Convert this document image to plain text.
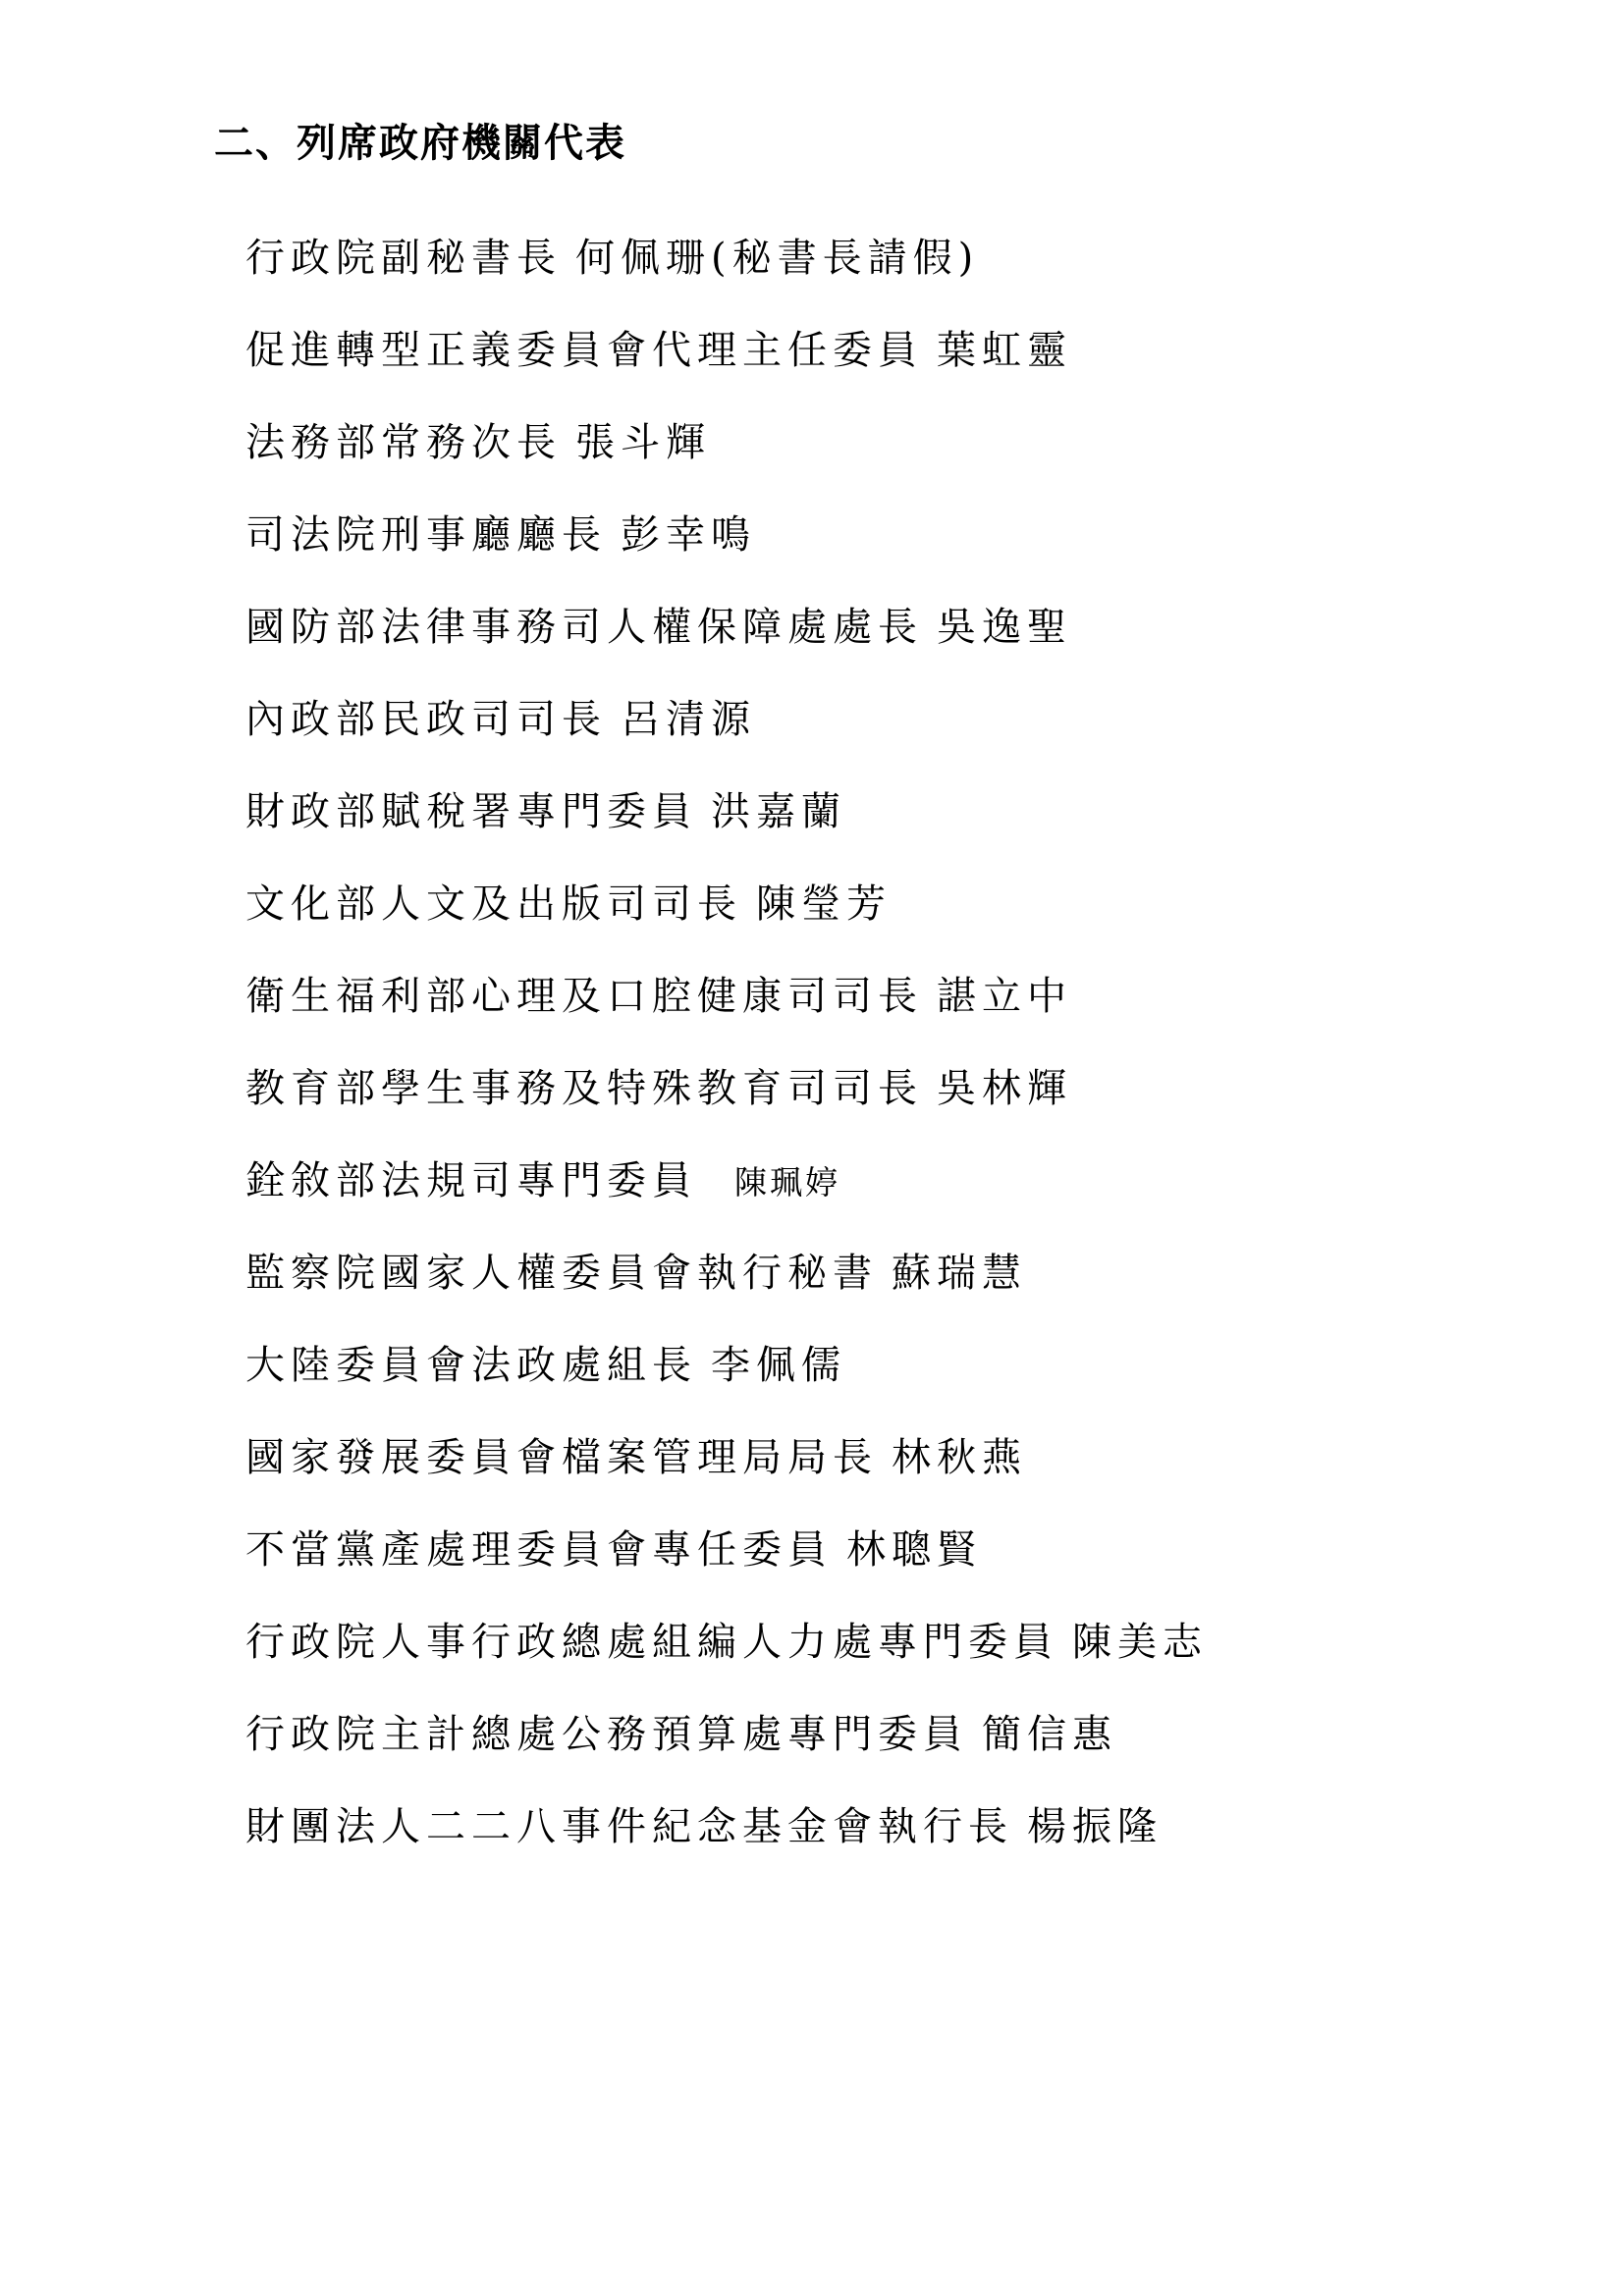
二、列席政府機關代表
行政院副秘書長 何佩珊(秘書長請假)
促進轉型正義委員會代理主任委員 葉虹靈
法務部常務次長 張斗輝
司法院刑事廳廳長 彭幸鳴
國防部法律事務司人權保障處處長 吳逸聖
內政部民政司司長 呂清源
財政部賦稅署專門委員 洪嘉蘭
文化部人文及出版司司長 陳瑩芳
衛生福利部心理及口腔健康司司長 諶立中
教育部學生事務及特殊教育司司長 吳林輝
銓敘部法規司專門委員 陳珮婷
監察院國家人權委員會執行秘書 蘇瑞慧
大陸委員會法政處組長 李佩儒
國家發展委員會檔案管理局局長 林秋燕
不當黨產處理委員會專任委員 林聰賢
行政院人事行政總處組編人力處專門委員 陳美志
行政院主計總處公務預算處專門委員 簡信惠
財團法人二二八事件紀念基金會執行長 楊振隆
